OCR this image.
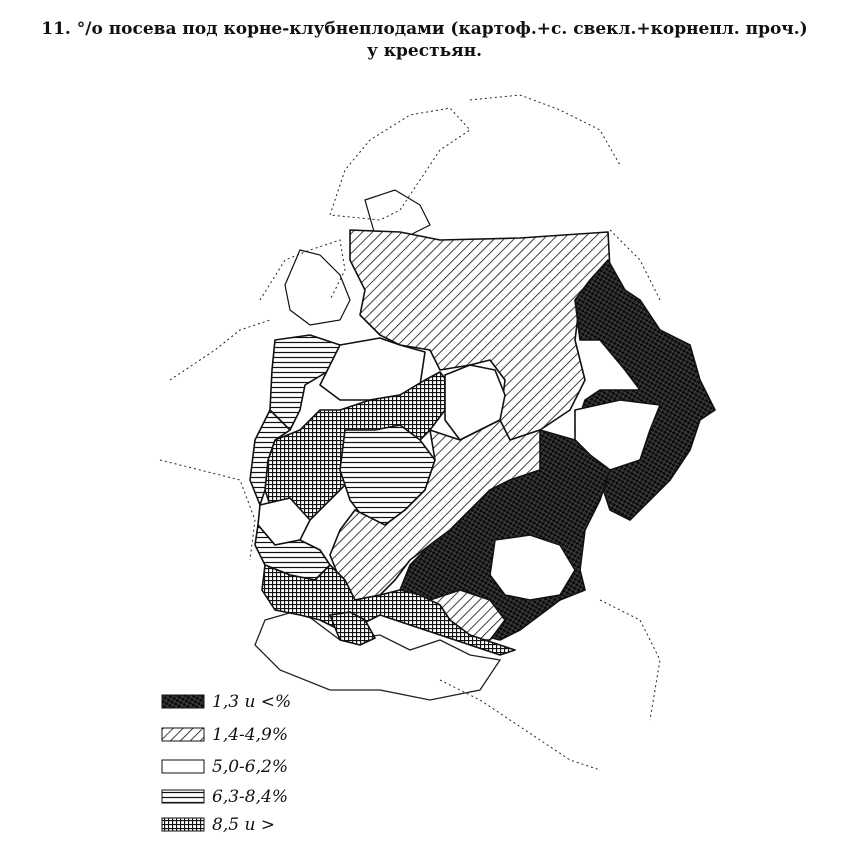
11. °/о посева под корне-клубнеплодами (картоф.+с. свекл.+корнепл. проч.)
у крестьян.
1,3 и <%
1,4-4,9%
5,0-6,2%
6,3-8,4%
8,5 и >
